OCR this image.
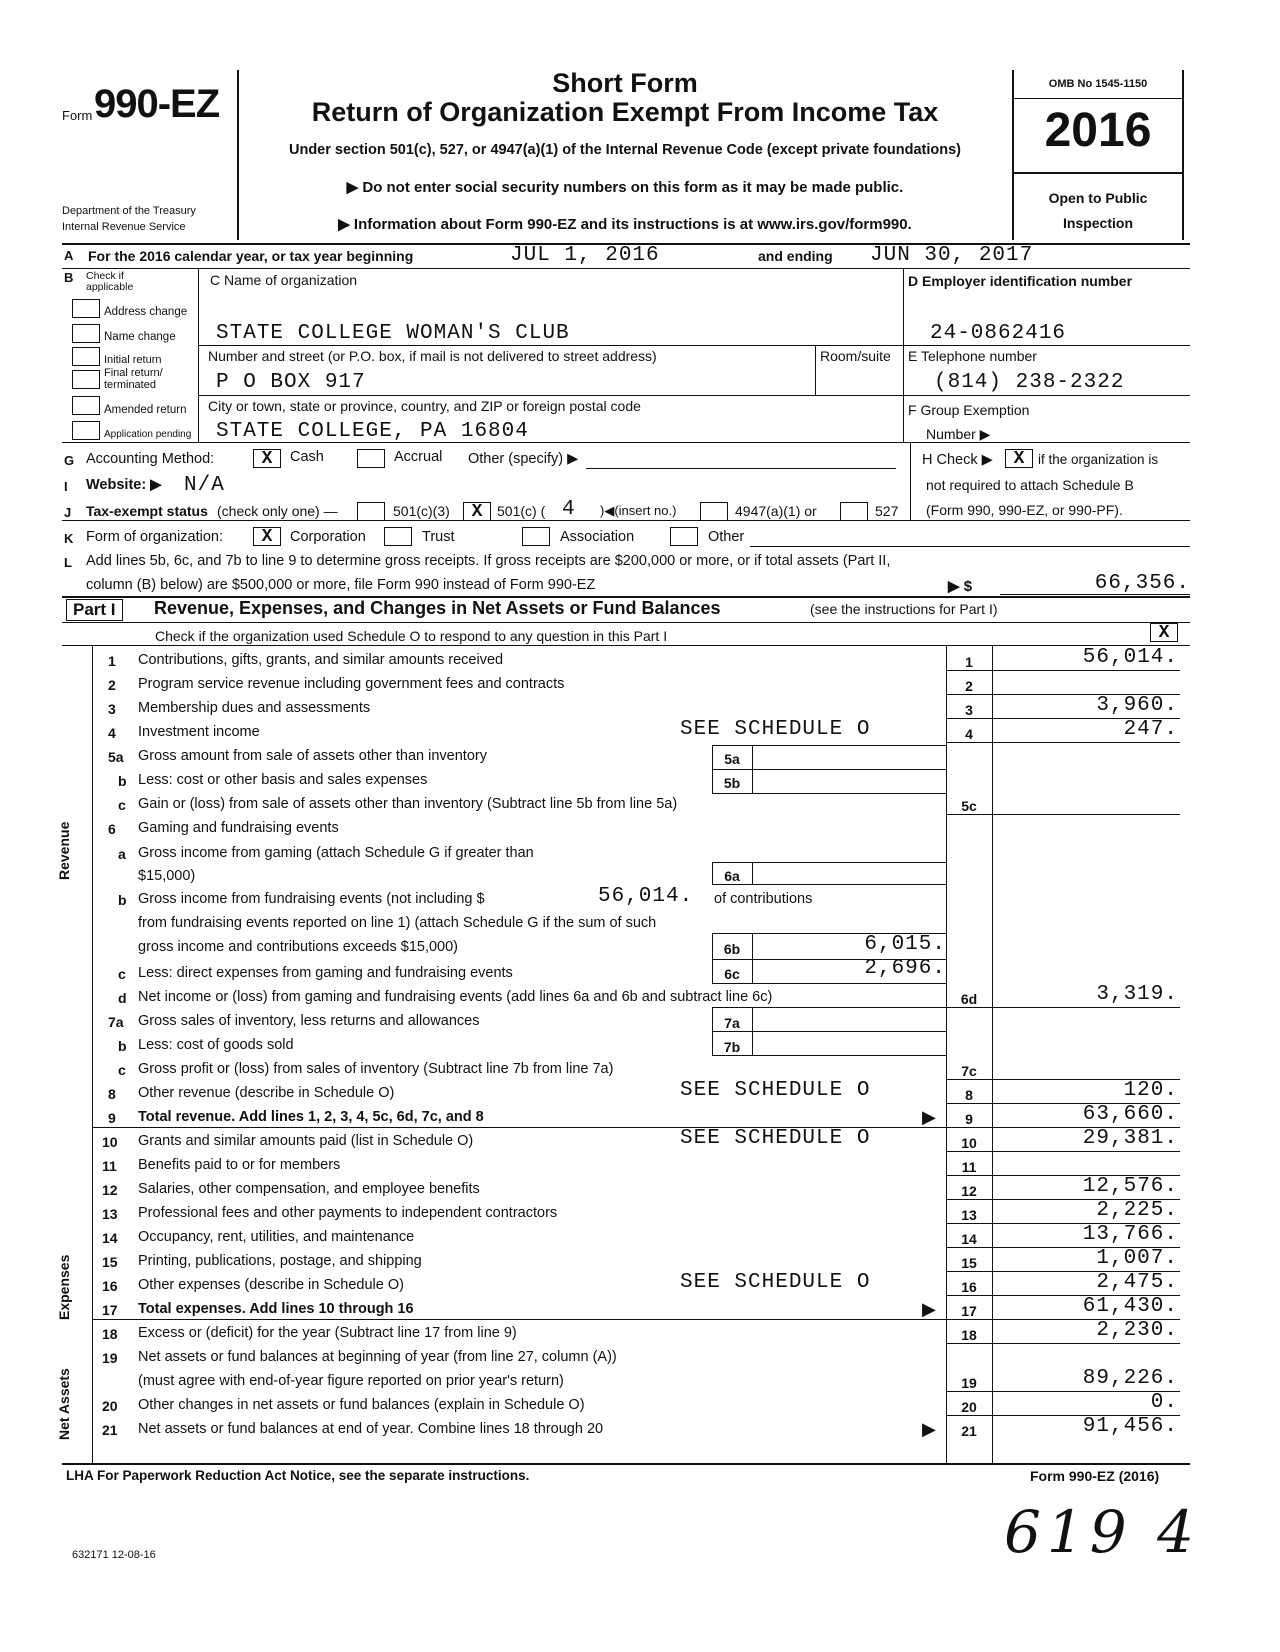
Form 990-EZ
Department of the Treasury
Internal Revenue Service
Short Form
Return of Organization Exempt From Income Tax
Under section 501(c), 527, or 4947(a)(1) of the Internal Revenue Code (except private foundations)
▶ Do not enter social security numbers on this form as it may be made public.
▶ Information about Form 990-EZ and its instructions is at www.irs.gov/form990.
OMB No 1545-1150
2016
Open to Public
Inspection
A For the 2016 calendar year, or tax year beginning	JUL 1, 2016	and ending JUN 30, 2017
B Check if
applicable
Address change
Name change
Initial return
Final return/
terminated
Amended return
Application pending
C Name of organization
STATE COLLEGE WOMAN'S CLUB
Number and street (or P.O. box, if mail is not delivered to street address)	Room/suite
P O BOX 917
City or town, state or province, country, and ZIP or foreign postal code
STATE COLLEGE, PA 16804
D Employer identification number
24-0862416
E Telephone number
(814) 238-2322
F Group Exemption
Number ▶
G Accounting Method:	X	Cash	Accrual Other (specify) ▶	H Check ▶	X	if the organization is
not required to attach Schedule B
(Form 990, 990-EZ, or 990-PF).
I Website: ▶ N/A
J Tax-exempt status (check only one) —	501(c)(3)	X	501(c) ( 4 )◀(insert no.)	4947(a)(1) or	527
K Form of organization:	X	Corporation	Trust	Association	Other
L Add lines 5b, 6c, and 7b to line 9 to determine gross receipts. If gross receipts are $200,000 or more, or if total assets (Part II,
column (B) below) are $500,000 or more, file Form 990 instead of Form 990-EZ	▶ $	66,356.
Part I	Revenue, Expenses, and Changes in Net Assets or Fund Balances	(see the instructions for Part I)
Check if the organization used Schedule O to respond to any question in this Part I	X
Revenue
Expenses
Net Assets
1 Contributions, gifts, grants, and similar amounts received	1	56,014.
2 Program service revenue including government fees and contracts	2
3 Membership dues and assessments	3	3,960.
4 Investment income	SEE SCHEDULE O	4	247.
5a Gross amount from sale of assets other than inventory	5a
b Less: cost or other basis and sales expenses	5b
c Gain or (loss) from sale of assets other than inventory (Subtract line 5b from line 5a)	5c
6 Gaming and fundraising events
a Gross income from gaming (attach Schedule G if greater than
$15,000)	6a
b Gross income from fundraising events (not including $	56,014. of contributions
from fundraising events reported on line 1) (attach Schedule G if the sum of such
gross income and contributions exceeds $15,000)	6b	6,015.
c Less: direct expenses from gaming and fundraising events	6c	2,696.
d Net income or (loss) from gaming and fundraising events (add lines 6a and 6b and subtract line 6c)	6d	3,319.
7a Gross sales of inventory, less returns and allowances	7a
b Less: cost of goods sold	7b
c Gross profit or (loss) from sales of inventory (Subtract line 7b from line 7a)	7c
8 Other revenue (describe in Schedule O)	SEE SCHEDULE O	8	120.
9 Total revenue. Add lines 1, 2, 3, 4, 5c, 6d, 7c, and 8	▶	9	63,660.
10 Grants and similar amounts paid (list in Schedule O)	SEE SCHEDULE O	10	29,381.
11 Benefits paid to or for members	11
12 Salaries, other compensation, and employee benefits	12	12,576.
13 Professional fees and other payments to independent contractors	13	2,225.
14 Occupancy, rent, utilities, and maintenance	14	13,766.
15 Printing, publications, postage, and shipping	15	1,007.
16 Other expenses (describe in Schedule O)	SEE SCHEDULE O	16	2,475.
17 Total expenses. Add lines 10 through 16	▶	17	61,430.
18 Excess or (deficit) for the year (Subtract line 17 from line 9)	18	2,230.
19 Net assets or fund balances at beginning of year (from line 27, column (A))
(must agree with end-of-year figure reported on prior year's return)	19	89,226.
20 Other changes in net assets or fund balances (explain in Schedule O)	20	0.
21 Net assets or fund balances at end of year. Combine lines 18 through 20	▶	21	91,456.
LHA For Paperwork Reduction Act Notice, see the separate instructions.	Form 990-EZ (2016)
632171 12-08-16	619 4
